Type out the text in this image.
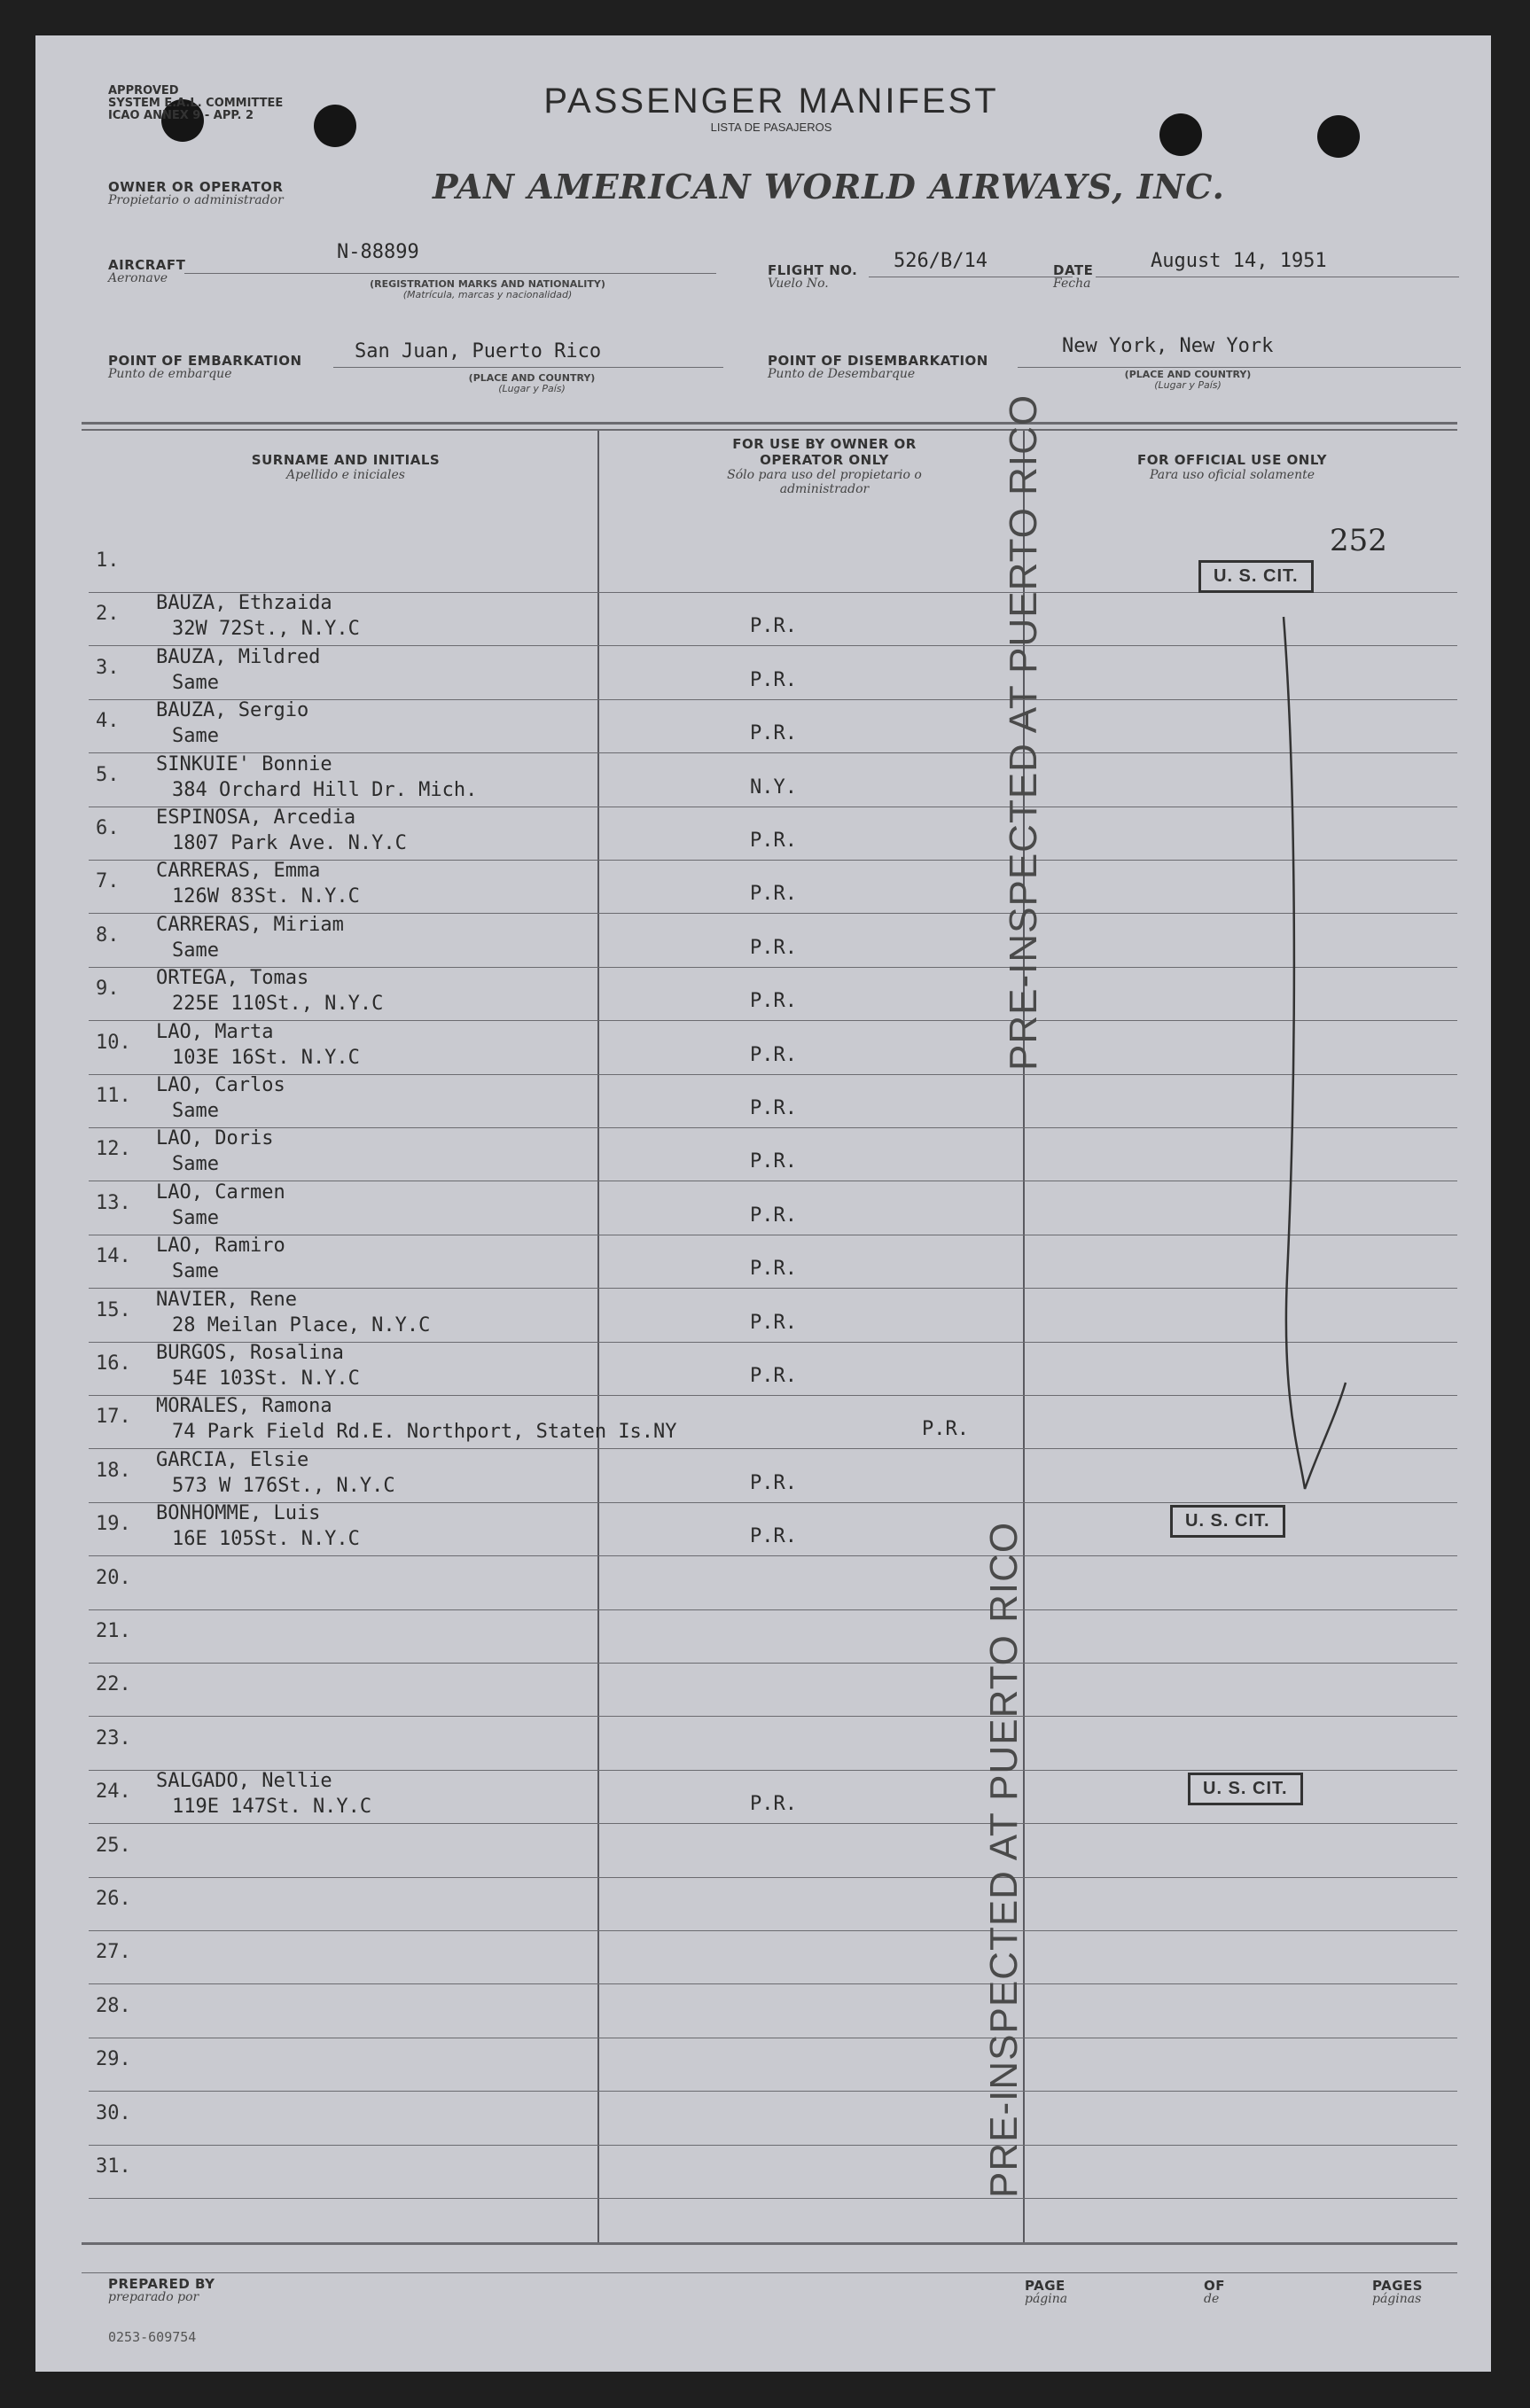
APPROVED
SYSTEM E.A.L. COMMITTEE
ICAO ANNEX 9 - APP. 2	PASSENGER MANIFEST
LISTA DE PASAJEROS
OWNER OR OPERATOR
Propietario o administrador	PAN AMERICAN WORLD AIRWAYS, INC.
AIRCRAFT
Aeronave
N-88899
(REGISTRATION MARKS AND NATIONALITY)
(Matrícula, marcas y nacionalidad)
FLIGHT NO.
Vuelo No.
526/B/14	DATE
Fecha
August 14, 1951
POINT OF EMBARKATION
Punto de embarque
San Juan, Puerto Rico
(PLACE AND COUNTRY)
(Lugar y País)
POINT OF DISEMBARKATION
Punto de Desembarque
New York, New York
(PLACE AND COUNTRY)
(Lugar y País)
SURNAME AND INITIALS
Apellido e iniciales
FOR USE BY OWNER OR OPERATOR ONLY
Sólo para uso del propietario o administrador
FOR OFFICIAL USE ONLY
Para uso oficial solamente
1.
2. BAUZA, Ethzaida
32W 72St., N.Y.C	P.R.
3. BAUZA, Mildred
Same	P.R.
4. BAUZA, Sergio
Same	P.R.
5. SINKUIE' Bonnie
384 Orchard Hill Dr. Mich.	N.Y.
6. ESPINOSA, Arcedia
1807 Park Ave. N.Y.C	P.R.
7. CARRERAS, Emma
126W 83St. N.Y.C	P.R.
8. CARRERAS, Miriam
Same	P.R.
9. ORTEGA, Tomas
225E 110St., N.Y.C	P.R.
10. LAO, Marta
103E 16St. N.Y.C	P.R.
11. LAO, Carlos
Same	P.R.
12. LAO, Doris
Same	P.R.
13. LAO, Carmen
Same	P.R.
14. LAO, Ramiro
Same	P.R.
15. NAVIER, Rene
28 Meilan Place, N.Y.C	P.R.
16. BURGOS, Rosalina
54E 103St. N.Y.C	P.R.
17. MORALES, Ramona
74 Park Field Rd.E. Northport, Staten Is.NY	P.R.
18. GARCIA, Elsie
573 W 176St., N.Y.C	P.R.
19. BONHOMME, Luis
16E 105St. N.Y.C	P.R.
20.
21.
22.
23.
24. SALGADO, Nellie
119E 147St. N.Y.C	P.R.
25.
26.
27.
28.
29.
30.
31.
PRE-INSPECTED AT PUERTO RICO
PRE-INSPECTED AT PUERTO RICO
U. S. CIT.
U. S. CIT.
U. S. CIT.
252
PREPARED BY
preparado por
PAGE
página
OF
de
PAGES
páginas
0253-609754
